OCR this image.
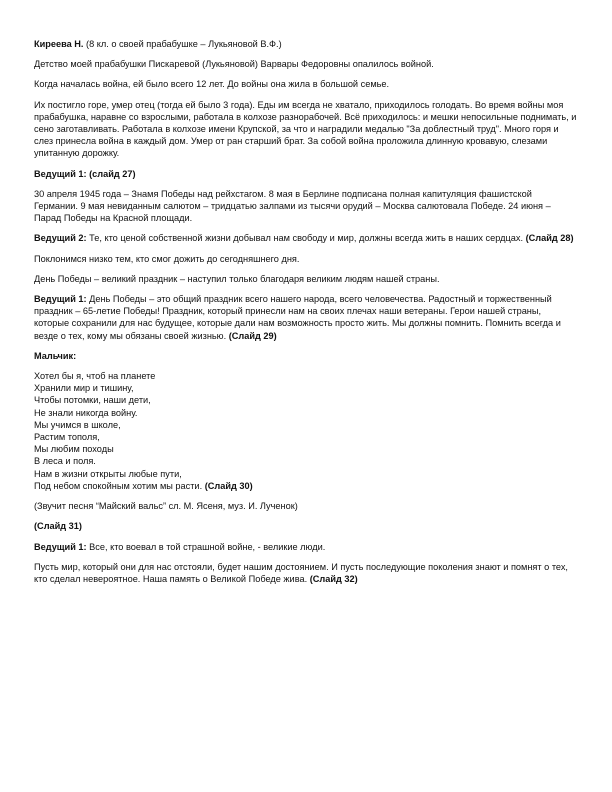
Киреева Н. (8 кл. о своей прабабушке – Лукьяновой В.Ф.)

Детство моей прабабушки Пискаревой (Лукьяновой) Варвары Федоровны опалилось войной.

Когда началась война, ей было всего 12 лет. До войны она жила в большой семье.

Их постигло горе, умер отец (тогда ей было 3 года). Еды им всегда не хватало, приходилось голодать. Во время войны моя прабабушка, наравне со взрослыми, работала в колхозе разнорабочей. Всё приходилось: и мешки непосильные поднимать, и сено заготавливать. Работала в колхозе имени Крупской, за что и наградили медалью "За доблестный труд". Много горя и слез принесла война в каждый дом. Умер от ран старший брат. За собой война проложила длинную кровавую, слезами упитанную дорожку.

Ведущий 1: (слайд 27)

30 апреля 1945 года – Знамя Победы над рейхстагом. 8 мая в Берлине подписана полная капитуляция фашистской Германии. 9 мая невиданным салютом – тридцатью залпами из тысячи орудий – Москва салютовала Победе. 24 июня – Парад Победы на Красной площади.

Ведущий 2: Те, кто ценой собственной жизни добывал нам свободу и мир, должны всегда жить в наших сердцах. (Слайд 28)

Поклонимся низко тем, кто смог дожить до сегодняшнего дня.

День Победы – великий праздник – наступил только благодаря великим людям нашей страны.

Ведущий 1: День Победы – это общий праздник всего нашего народа, всего человечества. Радостный и торжественный праздник – 65-летие Победы! Праздник, который принесли нам на своих плечах наши ветераны. Герои нашей страны, которые сохранили для нас будущее, которые дали нам возможность просто жить. Мы должны помнить. Помнить всегда и везде о тех, кому мы обязаны своей жизнью. (Слайд 29)

Мальчик:

Хотел бы я, чтоб на планете
Хранили мир и тишину,
Чтобы потомки, наши дети,
Не знали никогда войну.
Мы учимся в школе,
Растим тополя,
Мы любим походы
В леса и поля.
Нам в жизни открыты любые пути,
Под небом спокойным хотим мы расти. (Слайд 30)

(Звучит песня “Майский вальс” сл. М. Ясеня, муз. И. Лученок)

(Слайд 31)

Ведущий 1: Все, кто воевал в той страшной войне, - великие люди.

Пусть мир, который они для нас отстояли, будет нашим достоянием. И пусть последующие поколения знают и помнят о тех, кто сделал невероятное. Наша память о Великой Победе жива. (Слайд 32)
